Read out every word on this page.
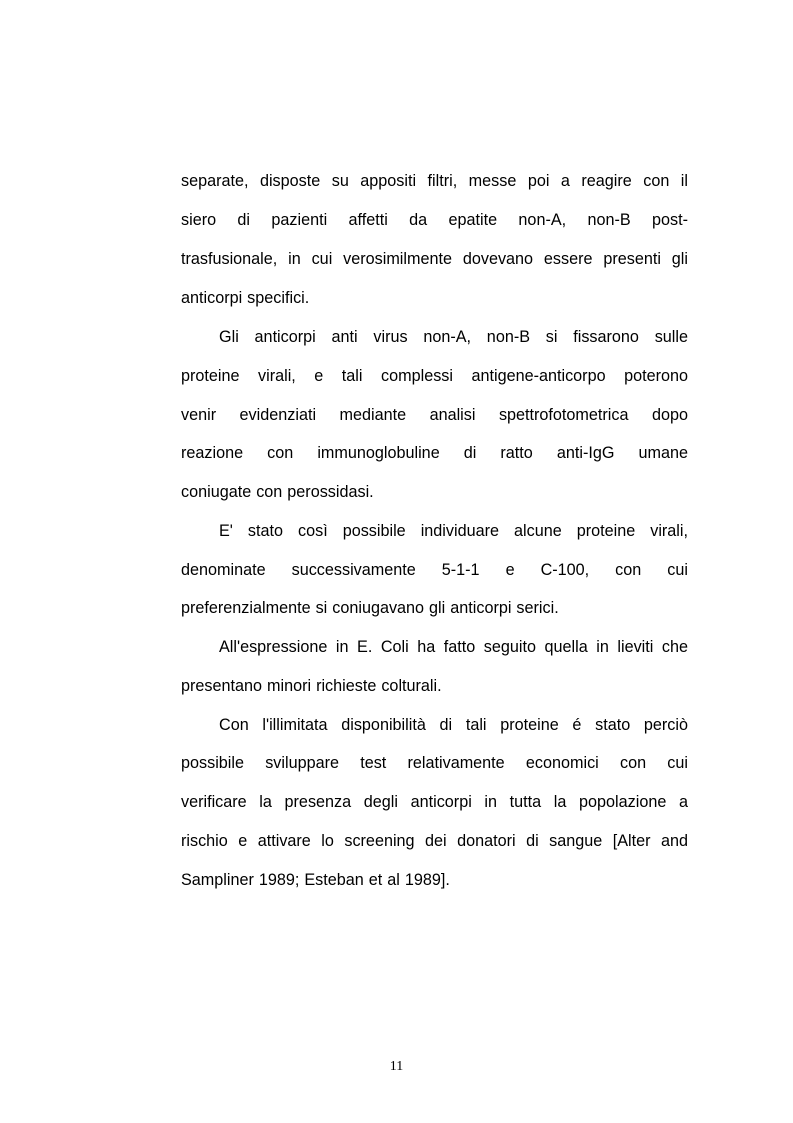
separate, disposte su appositi filtri, messe poi a reagire con il
siero di pazienti affetti da epatite non-A, non-B post-
trasfusionale, in cui verosimilmente dovevano essere presenti gli
anticorpi specifici.
Gli anticorpi anti virus non-A, non-B si fissarono sulle
proteine virali, e tali complessi antigene-anticorpo poterono
venir evidenziati mediante analisi spettrofotometrica dopo
reazione con immunoglobuline di ratto anti-IgG umane
coniugate con perossidasi.
E' stato così possibile individuare alcune proteine virali,
denominate successivamente 5-1-1 e C-100, con cui
preferenzialmente si coniugavano gli anticorpi serici.
All'espressione in E. Coli ha fatto seguito quella in lieviti che
presentano minori richieste colturali.
Con l'illimitata disponibilità di tali proteine é stato perciò
possibile sviluppare test relativamente economici con cui
verificare la presenza degli anticorpi in tutta la popolazione a
rischio e attivare lo screening dei donatori di sangue [Alter and
Sampliner 1989; Esteban et al 1989].
11
